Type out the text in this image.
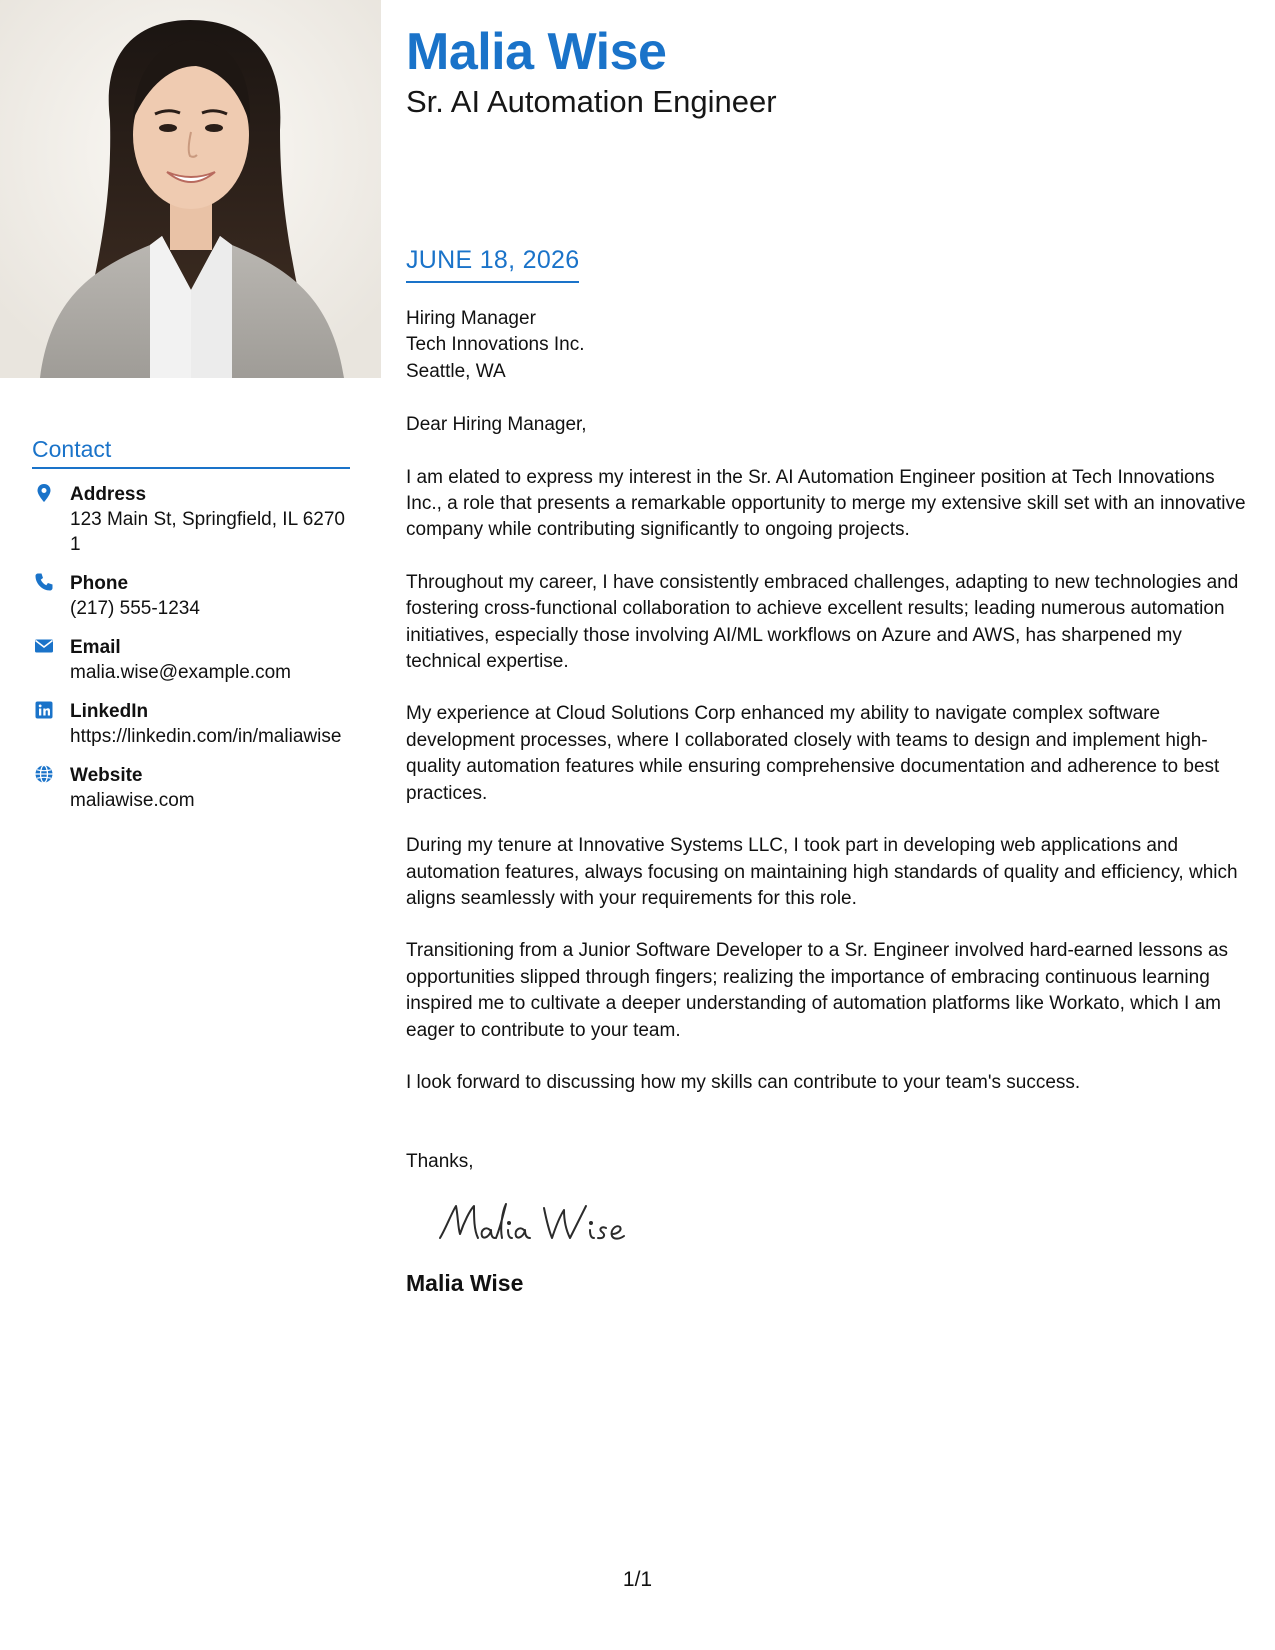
Malia Wise
Sr. AI Automation Engineer
Contact
Address
123 Main St, Springfield, IL 62701
Phone
(217) 555-1234
Email
malia.wise@example.com
LinkedIn
https://linkedin.com/in/maliawise
Website
maliawise.com
JUNE 18, 2026
Hiring Manager
Tech Innovations Inc.
Seattle, WA

Dear Hiring Manager,

I am elated to express my interest in the Sr. AI Automation Engineer position at Tech Innovations Inc., a role that presents a remarkable opportunity to merge my extensive skill set with an innovative company while contributing significantly to ongoing projects.

Throughout my career, I have consistently embraced challenges, adapting to new technologies and fostering cross-functional collaboration to achieve excellent results; leading numerous automation initiatives, especially those involving AI/ML workflows on Azure and AWS, has sharpened my technical expertise.

My experience at Cloud Solutions Corp enhanced my ability to navigate complex software development processes, where I collaborated closely with teams to design and implement high-quality automation features while ensuring comprehensive documentation and adherence to best practices.

During my tenure at Innovative Systems LLC, I took part in developing web applications and automation features, always focusing on maintaining high standards of quality and efficiency, which aligns seamlessly with your requirements for this role.

Transitioning from a Junior Software Developer to a Sr. Engineer involved hard-earned lessons as opportunities slipped through fingers; realizing the importance of embracing continuous learning inspired me to cultivate a deeper understanding of automation platforms like Workato, which I am eager to contribute to your team.

I look forward to discussing how my skills can contribute to your team's success.

Thanks,

Malia Wise
1/1
